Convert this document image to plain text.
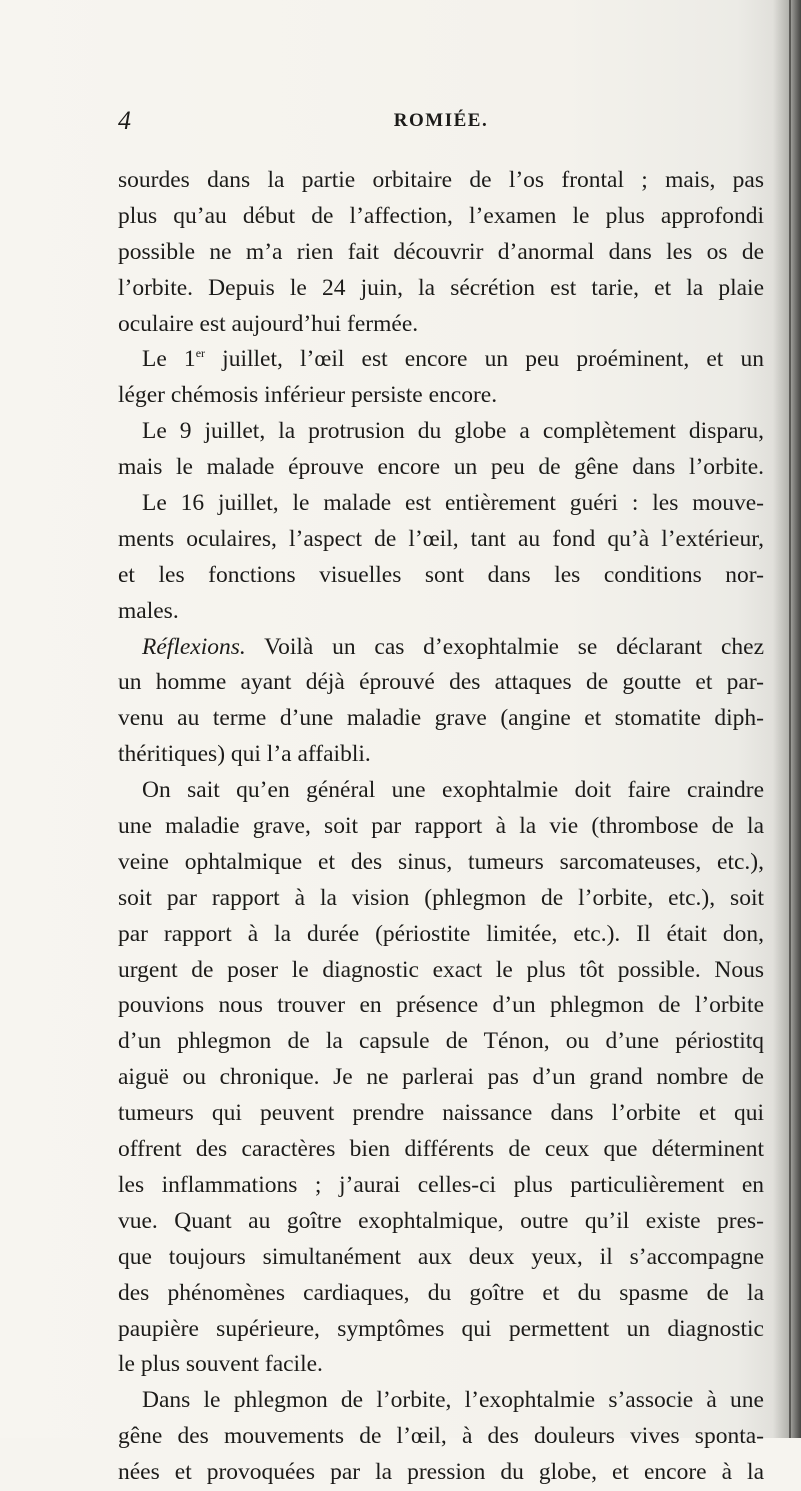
4	ROMIÉE.
sourdes dans la partie orbitaire de l’os frontal ; mais, pas
plus qu’au début de l’affection, l’examen le plus approfondi
possible ne m’a rien fait découvrir d’anormal dans les os de
l’orbite. Depuis le 24 juin, la sécrétion est tarie, et la plaie
oculaire est aujourd’hui fermée.
Le 1er juillet, l’œil est encore un peu proéminent, et un
léger chémosis inférieur persiste encore.
Le 9 juillet, la protrusion du globe a complètement disparu,
mais le malade éprouve encore un peu de gêne dans l’orbite.
Le 16 juillet, le malade est entièrement guéri : les mouve-
ments oculaires, l’aspect de l’œil, tant au fond qu’à l’extérieur,
et les fonctions visuelles sont dans les conditions nor-
males.
Réflexions. Voilà un cas d’exophtalmie se déclarant chez
un homme ayant déjà éprouvé des attaques de goutte et par-
venu au terme d’une maladie grave (angine et stomatite diph-
théritiques) qui l’a affaibli.
On sait qu’en général une exophtalmie doit faire craindre
une maladie grave, soit par rapport à la vie (thrombose de la
veine ophtalmique et des sinus, tumeurs sarcomateuses, etc.),
soit par rapport à la vision (phlegmon de l’orbite, etc.), soit
par rapport à la durée (périostite limitée, etc.). Il était don,
urgent de poser le diagnostic exact le plus tôt possible. Nous
pouvions nous trouver en présence d’un phlegmon de l’orbite
d’un phlegmon de la capsule de Ténon, ou d’une périostitq
aiguë ou chronique. Je ne parlerai pas d’un grand nombre de
tumeurs qui peuvent prendre naissance dans l’orbite et qui
offrent des caractères bien différents de ceux que déterminent
les inflammations ; j’aurai celles-ci plus particulièrement en
vue. Quant au goître exophtalmique, outre qu’il existe pres-
que toujours simultanément aux deux yeux, il s’accompagne
des phénomènes cardiaques, du goître et du spasme de la
paupière supérieure, symptômes qui permettent un diagnostic
le plus souvent facile.
Dans le phlegmon de l’orbite, l’exophtalmie s’associe à une
gêne des mouvements de l’œil, à des douleurs vives sponta-
nées et provoquées par la pression du globe, et encore à la
